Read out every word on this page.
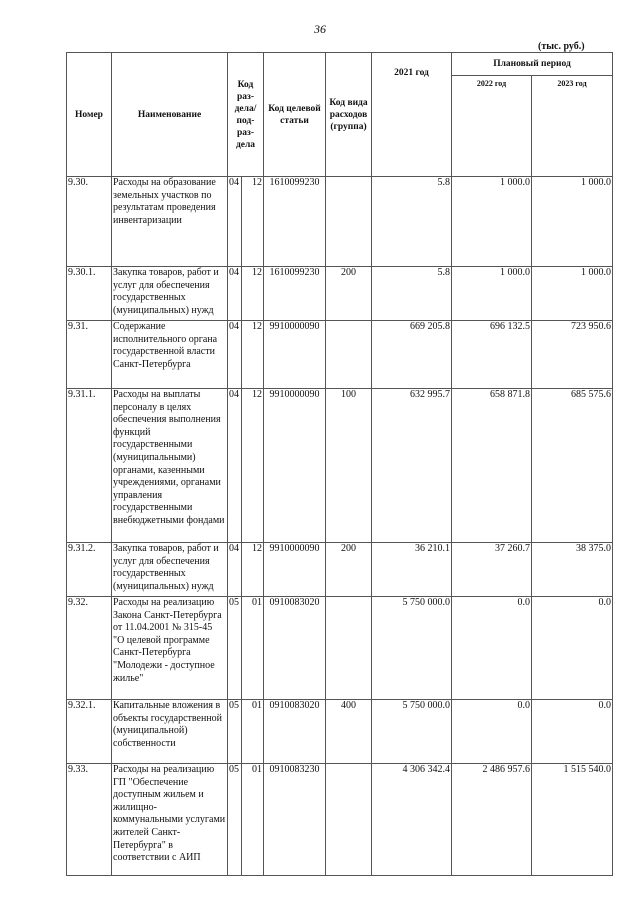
36
(тыс. руб.)
Номер	Наименование	Код раз- дела/ под- раз- дела		Код целевой статьи	Код вида расходов (группа)	2021 год	Плановый период	
							2022 год	2023 год
9.30.	Расходы на образование земельных участков по результатам проведения инвентаризации	04	12	1610099230		5.8	1 000.0	1 000.0
9.30.1.	Закупка товаров, работ и услуг для обеспечения государственных (муниципальных) нужд	04	12	1610099230	200	5.8	1 000.0	1 000.0
9.31.	Содержание исполнительного органа государственной власти Санкт-Петербурга	04	12	9910000090		669 205.8	696 132.5	723 950.6
9.31.1.	Расходы на выплаты персоналу в целях обеспечения выполнения функций государственными (муниципальными) органами, казенными учреждениями, органами управления государственными внебюджетными фондами	04	12	9910000090	100	632 995.7	658 871.8	685 575.6
9.31.2.	Закупка товаров, работ и услуг для обеспечения государственных (муниципальных) нужд	04	12	9910000090	200	36 210.1	37 260.7	38 375.0
9.32.	Расходы на реализацию Закона Санкт-Петербурга от 11.04.2001 № 315-45 "О целевой программе Санкт-Петербурга "Молодежи - доступное жилье"	05	01	0910083020		5 750 000.0	0.0	0.0
9.32.1.	Капитальные вложения в объекты государственной (муниципальной) собственности	05	01	0910083020	400	5 750 000.0	0.0	0.0
9.33.	Расходы на реализацию ГП "Обеспечение доступным жильем и жилищно-коммунальными услугами жителей Санкт-Петербурга" в соответствии с АИП	05	01	0910083230		4 306 342.4	2 486 957.6	1 515 540.0
